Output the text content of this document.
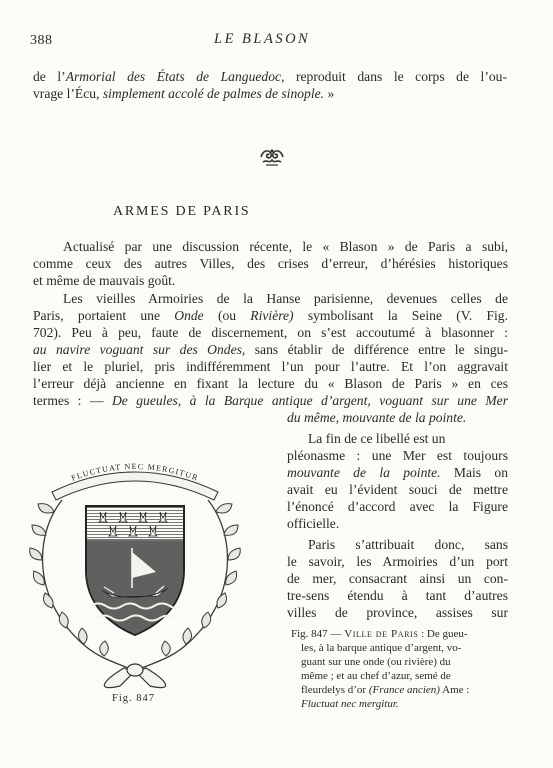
388	LE BLASON
de l’Armorial des États de Languedoc, reproduit dans le corps de l’ou-
vrage l’Écu, simplement accolé de palmes de sinople. »
ARMES DE PARIS
Actualisé par une discussion récente, le « Blason » de Paris a subi,
comme ceux des autres Villes, des crises d’erreur, d’hérésies historiques
et même de mauvais goût.
Les vieilles Armoiries de la Hanse parisienne, devenues celles de
Paris, portaient une Onde (ou Rivière) symbolisant la Seine (V. Fig.
702). Peu à peu, faute de discernement, on s’est accoutumé à blasonner :
au navire voguant sur des Ondes, sans établir de différence entre le singu-
lier et le pluriel, pris indifféremment l’un pour l’autre. Et l’on aggravait
l’erreur déjà ancienne en fixant la lecture du « Blason de Paris » en ces
termes : — De gueules, à la Barque antique d’argent, voguant sur une Mer
du même, mouvante de la pointe.
La fin de ce libellé est un
pléonasme : une Mer est toujours
mouvante de la pointe. Mais on
avait eu l’évident souci de mettre
l’énoncé d’accord avec la Figure
officielle.
Paris s’attribuait donc, sans
le savoir, les Armoiries d’un port
de mer, consacrant ainsi un con-
tre-sens étendu à tant d’autres
villes de province, assises sur
FLUCTUAT NEC MERGITUR
Fig. 847
Fig. 847 — Ville de Paris : De gueu-
les, à la barque antique d’argent, vo-
guant sur une onde (ou rivière) du
même ; et au chef d’azur, semé de
fleurdelys d’or (France ancien) Ame :
Fluctuat nec mergitur.
